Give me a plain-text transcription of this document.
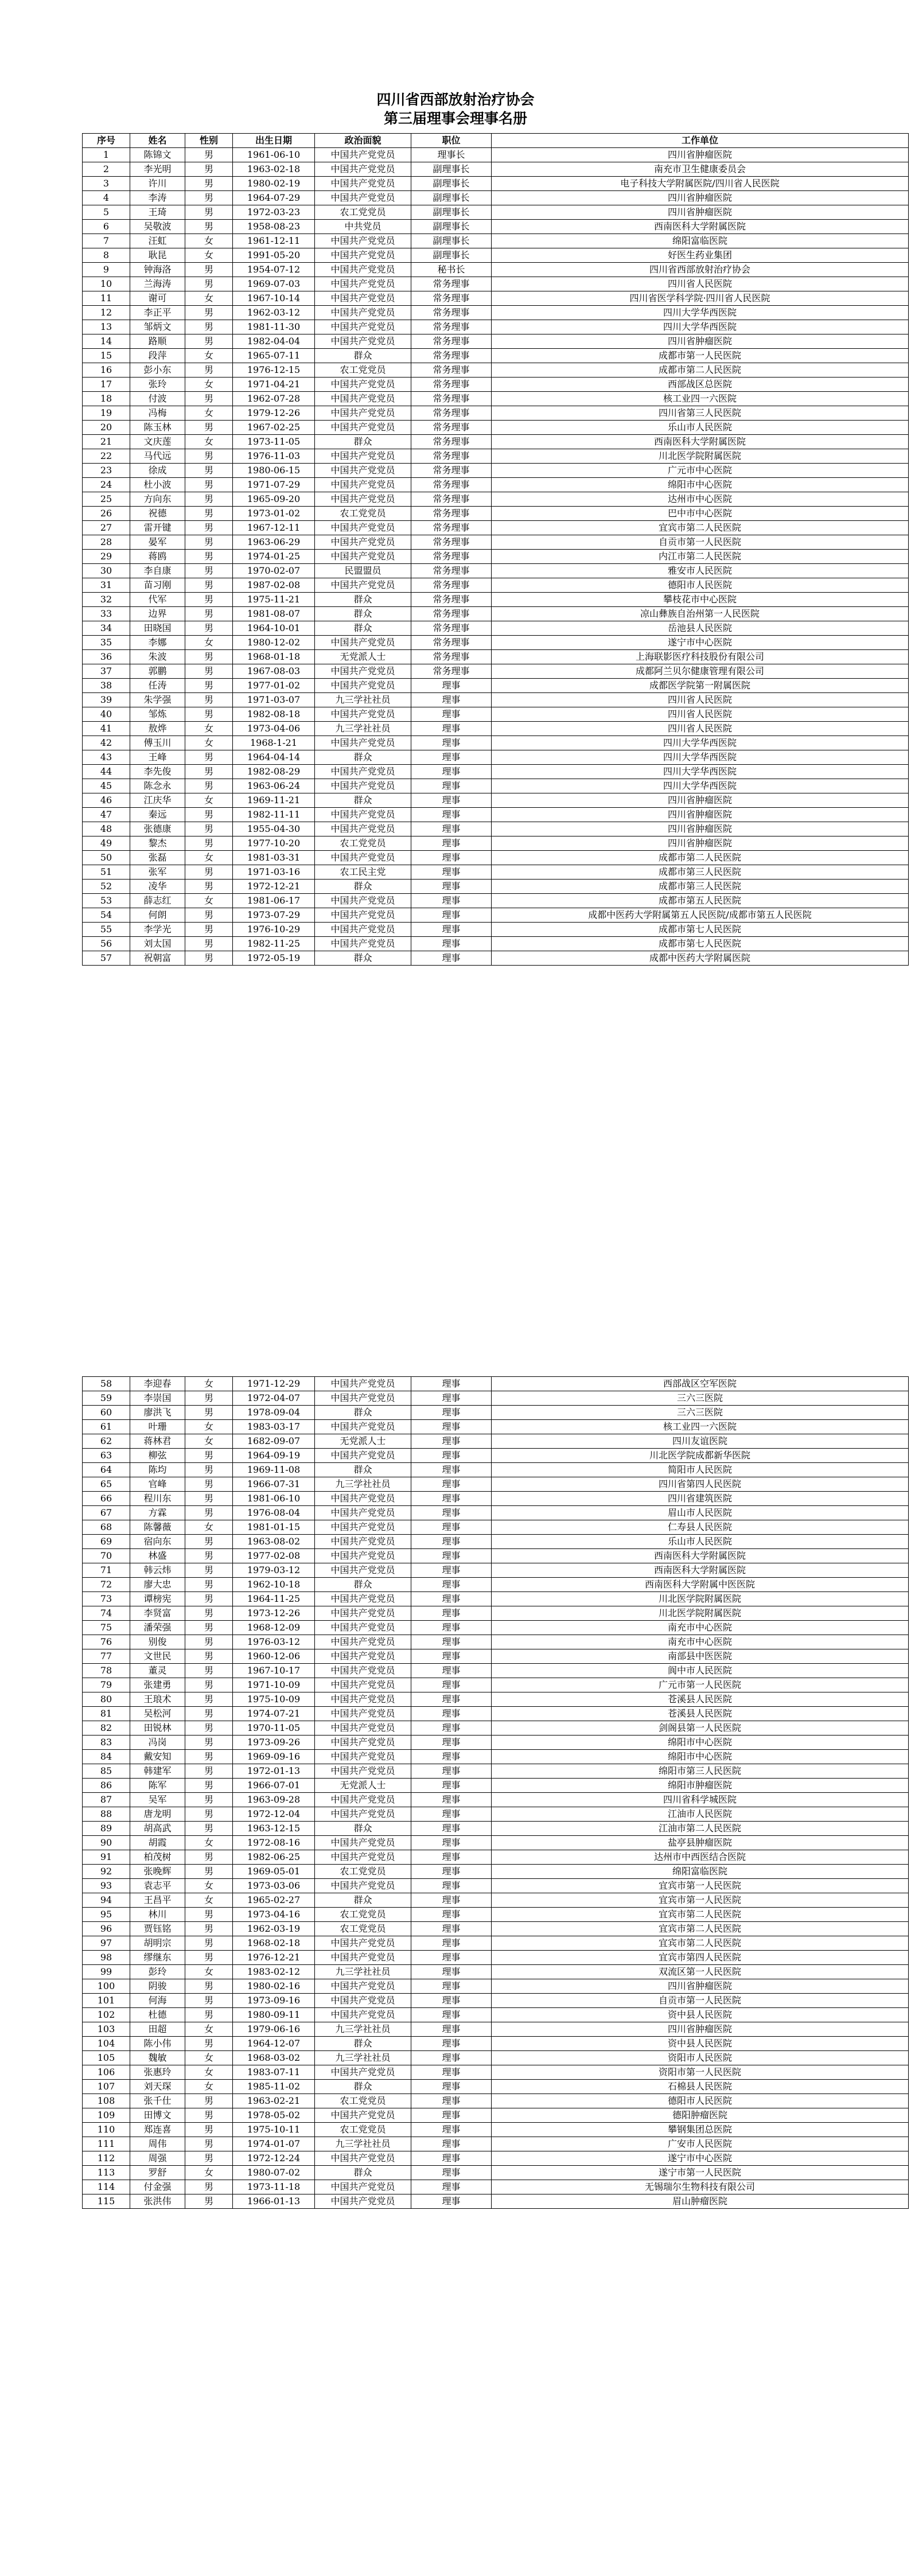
四川省西部放射治疗协会
第三届理事会理事名册
序号	姓名	性别	出生日期	政治面貌	职位	工作单位
1	陈锦文	男	1961-06-10	中国共产党党员	理事长	四川省肿瘤医院
2	李光明	男	1963-02-18	中国共产党党员	副理事长	南充市卫生健康委员会
3	许川	男	1980-02-19	中国共产党党员	副理事长	电子科技大学附属医院/四川省人民医院
4	李涛	男	1964-07-29	中国共产党党员	副理事长	四川省肿瘤医院
5	王琦	男	1972-03-23	农工党党员	副理事长	四川省肿瘤医院
6	吴敬波	男	1958-08-23	中共党员	副理事长	西南医科大学附属医院
7	汪虹	女	1961-12-11	中国共产党党员	副理事长	绵阳富临医院
8	耿昆	女	1991-05-20	中国共产党党员	副理事长	好医生药业集团
9	钟海洛	男	1954-07-12	中国共产党党员	秘书长	四川省西部放射治疗协会
10	兰海涛	男	1969-07-03	中国共产党党员	常务理事	四川省人民医院
11	谢可	女	1967-10-14	中国共产党党员	常务理事	四川省医学科学院·四川省人民医院
12	李正平	男	1962-03-12	中国共产党党员	常务理事	四川大学华西医院
13	邹炳文	男	1981-11-30	中国共产党党员	常务理事	四川大学华西医院
14	路顺	男	1982-04-04	中国共产党党员	常务理事	四川省肿瘤医院
15	段萍	女	1965-07-11	群众	常务理事	成都市第一人民医院
16	彭小东	男	1976-12-15	农工党党员	常务理事	成都市第二人民医院
17	张玲	女	1971-04-21	中国共产党党员	常务理事	西部战区总医院
18	付波	男	1962-07-28	中国共产党党员	常务理事	核工业四一六医院
19	冯梅	女	1979-12-26	中国共产党党员	常务理事	四川省第三人民医院
20	陈玉林	男	1967-02-25	中国共产党党员	常务理事	乐山市人民医院
21	文庆莲	女	1973-11-05	群众	常务理事	西南医科大学附属医院
22	马代远	男	1976-11-03	中国共产党党员	常务理事	川北医学院附属医院
23	徐成	男	1980-06-15	中国共产党党员	常务理事	广元市中心医院
24	杜小波	男	1971-07-29	中国共产党党员	常务理事	绵阳市中心医院
25	方向东	男	1965-09-20	中国共产党党员	常务理事	达州市中心医院
26	祝德	男	1973-01-02	农工党党员	常务理事	巴中市中心医院
27	雷开键	男	1967-12-11	中国共产党党员	常务理事	宜宾市第二人民医院
28	晏军	男	1963-06-29	中国共产党党员	常务理事	自贡市第一人民医院
29	蒋鸥	男	1974-01-25	中国共产党党员	常务理事	内江市第二人民医院
30	李自康	男	1970-02-07	民盟盟员	常务理事	雅安市人民医院
31	苗习刚	男	1987-02-08	中国共产党党员	常务理事	德阳市人民医院
32	代军	男	1975-11-21	群众	常务理事	攀枝花市中心医院
33	边界	男	1981-08-07	群众	常务理事	凉山彝族自治州第一人民医院
34	田晓国	男	1964-10-01	群众	常务理事	岳池县人民医院
35	李娜	女	1980-12-02	中国共产党党员	常务理事	遂宁市中心医院
36	朱波	男	1968-01-18	无党派人士	常务理事	上海联影医疗科技股份有限公司
37	郭鹏	男	1967-08-03	中国共产党党员	常务理事	成都阿兰贝尔健康管理有限公司
38	任涛	男	1977-01-02	中国共产党党员	理事	成都医学院第一附属医院
39	朱学强	男	1971-03-07	九三学社社员	理事	四川省人民医院
40	邹炼	男	1982-08-18	中国共产党党员	理事	四川省人民医院
41	敖烨	女	1973-04-06	九三学社社员	理事	四川省人民医院
42	傅玉川	女	1968-1-21	中国共产党党员	理事	四川大学华西医院
43	王峰	男	1964-04-14	群众	理事	四川大学华西医院
44	李先俊	男	1982-08-29	中国共产党党员	理事	四川大学华西医院
45	陈念永	男	1963-06-24	中国共产党党员	理事	四川大学华西医院
46	江庆华	女	1969-11-21	群众	理事	四川省肿瘤医院
47	秦远	男	1982-11-11	中国共产党党员	理事	四川省肿瘤医院
48	张德康	男	1955-04-30	中国共产党党员	理事	四川省肿瘤医院
49	黎杰	男	1977-10-20	农工党党员	理事	四川省肿瘤医院
50	张磊	女	1981-03-31	中国共产党党员	理事	成都市第二人民医院
51	张军	男	1971-03-16	农工民主党	理事	成都市第三人民医院
52	凌华	男	1972-12-21	群众	理事	成都市第三人民医院
53	薛志红	女	1981-06-17	中国共产党党员	理事	成都市第五人民医院
54	何朗	男	1973-07-29	中国共产党党员	理事	成都中医药大学附属第五人民医院/成都市第五人民医院
55	李学光	男	1976-10-29	中国共产党党员	理事	成都市第七人民医院
56	刘太国	男	1982-11-25	中国共产党党员	理事	成都市第七人民医院
57	祝朝富	男	1972-05-19	群众	理事	成都中医药大学附属医院
58	李迎春	女	1971-12-29	中国共产党党员	理事	西部战区空军医院
59	李崇国	男	1972-04-07	中国共产党党员	理事	三六三医院
60	廖洪飞	男	1978-09-04	群众	理事	三六三医院
61	叶珊	女	1983-03-17	中国共产党党员	理事	核工业四一六医院
62	蒋林君	女	1682-09-07	无党派人士	理事	四川友谊医院
63	柳弦	男	1964-09-19	中国共产党党员	理事	川北医学院成都新华医院
64	陈均	男	1969-11-08	群众	理事	简阳市人民医院
65	官峰	男	1966-07-31	九三学社社员	理事	四川省第四人民医院
66	程川东	男	1981-06-10	中国共产党党员	理事	四川省建筑医院
67	方霖	男	1976-08-04	中国共产党党员	理事	眉山市人民医院
68	陈馨薇	女	1981-01-15	中国共产党党员	理事	仁寿县人民医院
69	宿向东	男	1963-08-02	中国共产党党员	理事	乐山市人民医院
70	林盛	男	1977-02-08	中国共产党党员	理事	西南医科大学附属医院
71	韩云炜	男	1979-03-12	中国共产党党员	理事	西南医科大学附属医院
72	廖大忠	男	1962-10-18	群众	理事	西南医科大学附属中医医院
73	谭榜宪	男	1964-11-25	中国共产党党员	理事	川北医学院附属医院
74	李贤富	男	1973-12-26	中国共产党党员	理事	川北医学院附属医院
75	潘荣强	男	1968-12-09	中国共产党党员	理事	南充市中心医院
76	别俊	男	1976-03-12	中国共产党党员	理事	南充市中心医院
77	文世民	男	1960-12-06	中国共产党党员	理事	南部县中医医院
78	董灵	男	1967-10-17	中国共产党党员	理事	阆中市人民医院
79	张建勇	男	1971-10-09	中国共产党党员	理事	广元市第一人民医院
80	王琅术	男	1975-10-09	中国共产党党员	理事	苍溪县人民医院
81	吴松河	男	1974-07-21	中国共产党党员	理事	苍溪县人民医院
82	田锐林	男	1970-11-05	中国共产党党员	理事	剑阁县第一人民医院
83	冯岗	男	1973-09-26	中国共产党党员	理事	绵阳市中心医院
84	戴安知	男	1969-09-16	中国共产党党员	理事	绵阳市中心医院
85	韩建军	男	1972-01-13	中国共产党党员	理事	绵阳市第三人民医院
86	陈军	男	1966-07-01	无党派人士	理事	绵阳市肿瘤医院
87	吴军	男	1963-09-28	中国共产党党员	理事	四川省科学城医院
88	唐龙明	男	1972-12-04	中国共产党党员	理事	江油市人民医院
89	胡高武	男	1963-12-15	群众	理事	江油市第二人民医院
90	胡霞	女	1972-08-16	中国共产党党员	理事	盐亭县肿瘤医院
91	柏茂树	男	1982-06-25	中国共产党党员	理事	达州市中西医结合医院
92	张晚辉	男	1969-05-01	农工党党员	理事	绵阳富临医院
93	袁志平	女	1973-03-06	中国共产党党员	理事	宜宾市第一人民医院
94	王昌平	女	1965-02-27	群众	理事	宜宾市第一人民医院
95	林川	男	1973-04-16	农工党党员	理事	宜宾市第二人民医院
96	贾钰铭	男	1962-03-19	农工党党员	理事	宜宾市第二人民医院
97	胡明宗	男	1968-02-18	中国共产党党员	理事	宜宾市第二人民医院
98	缪继东	男	1976-12-21	中国共产党党员	理事	宜宾市第四人民医院
99	彭玲	女	1983-02-12	九三学社社员	理事	双流区第一人民医院
100	阴骏	男	1980-02-16	中国共产党党员	理事	四川省肿瘤医院
101	何海	男	1973-09-16	中国共产党党员	理事	自贡市第一人民医院
102	杜德	男	1980-09-11	中国共产党党员	理事	资中县人民医院
103	田超	女	1979-06-16	九三学社社员	理事	四川省肿瘤医院
104	陈小伟	男	1964-12-07	群众	理事	资中县人民医院
105	魏敏	女	1968-03-02	九三学社社员	理事	资阳市人民医院
106	张惠玲	女	1983-07-11	中国共产党党员	理事	资阳市第一人民医院
107	刘天琛	女	1985-11-02	群众	理事	石棉县人民医院
108	张千仕	男	1963-02-21	农工党党员	理事	德阳市人民医院
109	田博文	男	1978-05-02	中国共产党党员	理事	德阳肿瘤医院
110	郑连喜	男	1975-10-11	农工党党员	理事	攀钢集团总医院
111	周伟	男	1974-01-07	九三学社社员	理事	广安市人民医院
112	周强	男	1972-12-24	中国共产党党员	理事	遂宁市中心医院
113	罗舒	女	1980-07-02	群众	理事	遂宁市第一人民医院
114	付金强	男	1973-11-18	中国共产党党员	理事	无锡瑞尔生物科技有限公司
115	张洪伟	男	1966-01-13	中国共产党党员	理事	眉山肿瘤医院
